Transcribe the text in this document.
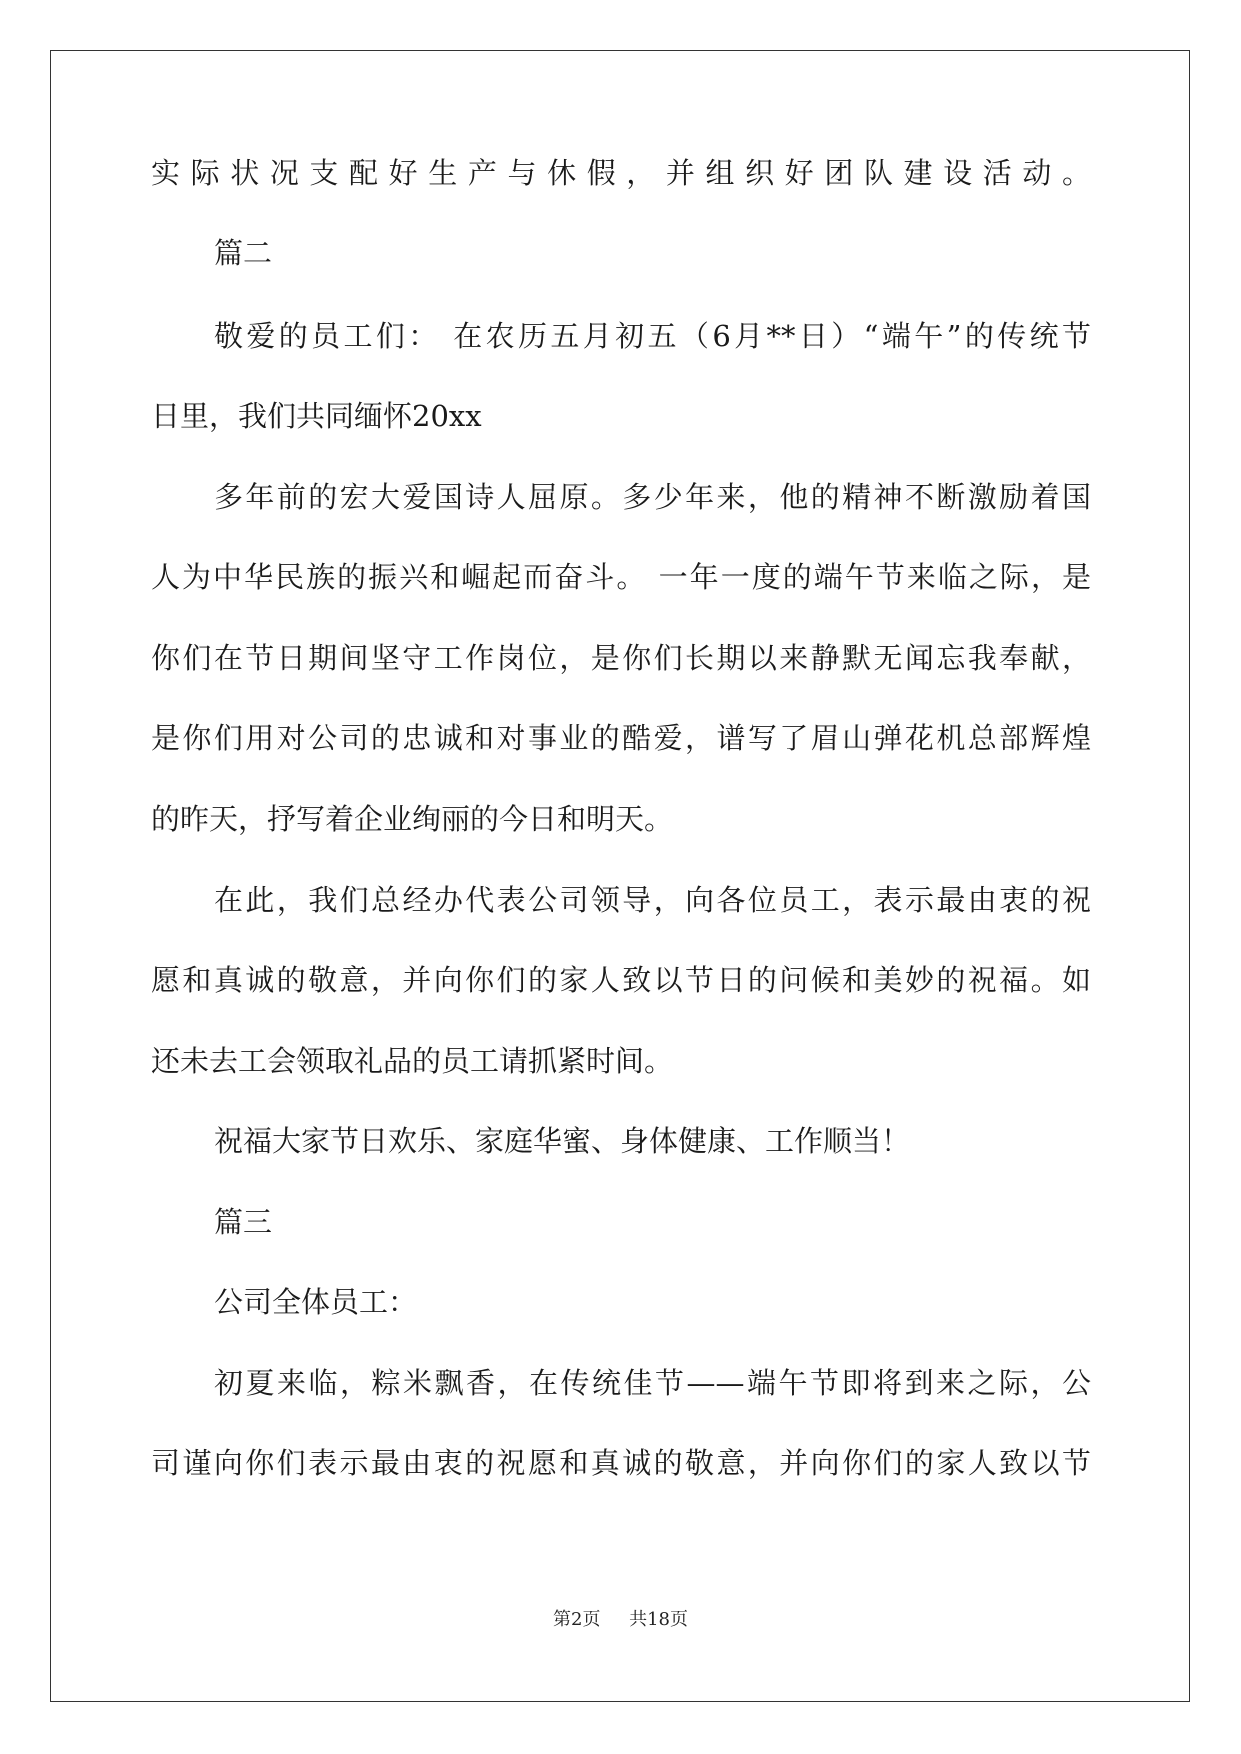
实际状况支配好生产与休假，并组织好团队建设活动。
篇二
敬爱的员工们： 在农历五月初五（6月**日）“端午”的传统节
日里，我们共同缅怀20xx
多年前的宏大爱国诗人屈原。多少年来，他的精神不断激励着国
人为中华民族的振兴和崛起而奋斗。 一年一度的端午节来临之际，是
你们在节日期间坚守工作岗位，是你们长期以来静默无闻忘我奉献，
是你们用对公司的忠诚和对事业的酷爱，谱写了眉山弹花机总部辉煌
的昨天，抒写着企业绚丽的今日和明天。
在此，我们总经办代表公司领导，向各位员工，表示最由衷的祝
愿和真诚的敬意，并向你们的家人致以节日的问候和美妙的祝福。如
还未去工会领取礼品的员工请抓紧时间。
祝福大家节日欢乐、家庭华蜜、身体健康、工作顺当！
篇三
公司全体员工：
初夏来临，粽米飘香，在传统佳节——端午节即将到来之际，公
司谨向你们表示最由衷的祝愿和真诚的敬意，并向你们的家人致以节
第2页 共18页
